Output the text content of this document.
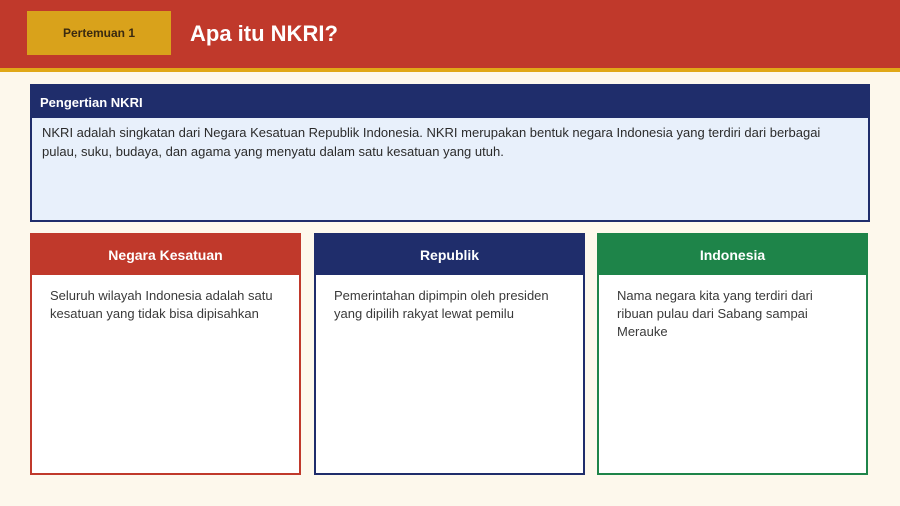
Pertemuan 1	Apa itu NKRI?
Pengertian NKRI
NKRI adalah singkatan dari Negara Kesatuan Republik Indonesia. NKRI merupakan bentuk negara Indonesia yang terdiri dari berbagai pulau, suku, budaya, dan agama yang menyatu dalam satu kesatuan yang utuh.
Negara Kesatuan
Seluruh wilayah Indonesia adalah satu kesatuan yang tidak bisa dipisahkan
Republik
Pemerintahan dipimpin oleh presiden yang dipilih rakyat lewat pemilu
Indonesia
Nama negara kita yang terdiri dari ribuan pulau dari Sabang sampai Merauke
